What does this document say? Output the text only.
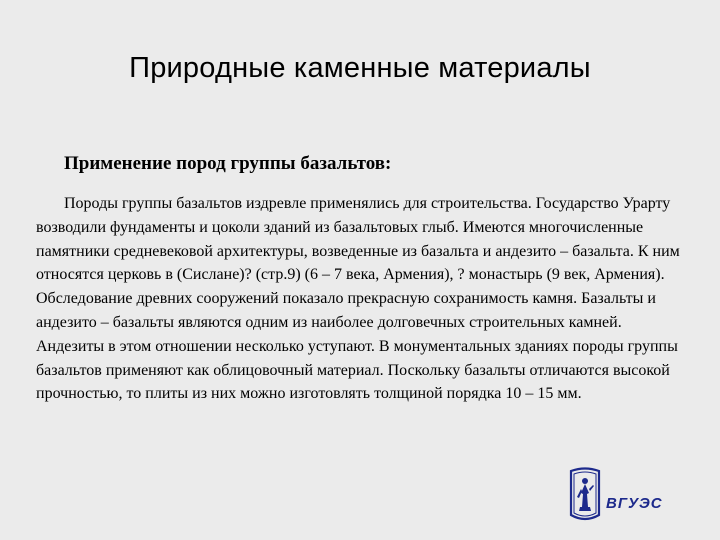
Природные каменные материалы
Применение пород группы базальтов:

Породы группы базальтов издревле применялись для строительства. Государство Урарту возводили фундаменты и цоколи зданий из базальтовых глыб. Имеются многочисленные памятники средневековой архитектуры, возведенные из базальта и андезито – базальта. К ним относятся церковь в (Сислане)? (стр.9) (6 – 7 века, Армения), ? монастырь (9 век, Армения). Обследование древних сооружений показало прекрасную сохранимость камня. Базальты и андезито – базальты являются одним из наиболее долговечных строительных камней. Андезиты в этом отношении несколько уступают. В монументальных зданиях породы группы базальтов применяют как облицовочный материал. Поскольку базальты отличаются высокой прочностью, то плиты из них можно изготовлять толщиной порядка 10 – 15 мм.

ВГУЭС
